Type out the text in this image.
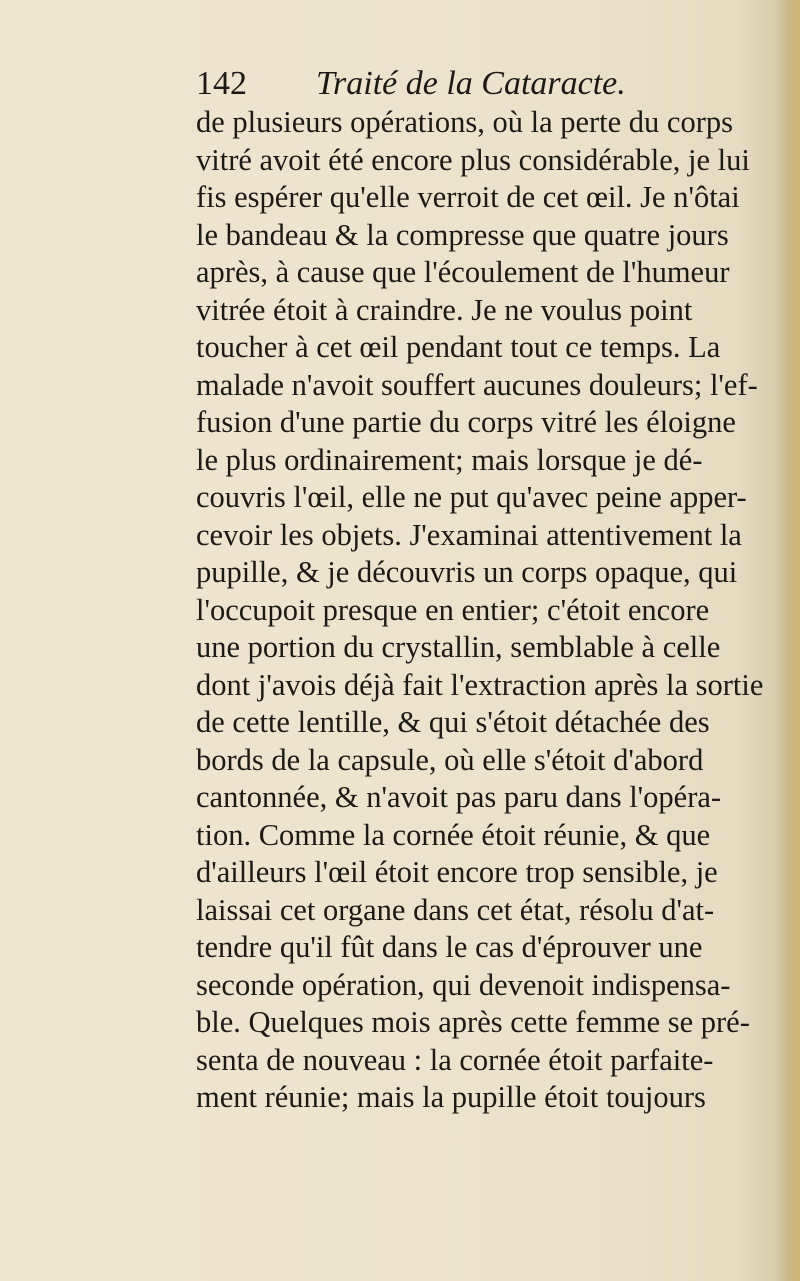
142 Traité de la Cataracte.
de plusieurs opérations, où la perte du corps
vitré avoit été encore plus considérable, je lui
fis espérer qu'elle verroit de cet œil. Je n'ôtai
le bandeau & la compresse que quatre jours
après, à cause que l'écoulement de l'humeur
vitrée étoit à craindre. Je ne voulus point
toucher à cet œil pendant tout ce temps. La
malade n'avoit souffert aucunes douleurs; l'ef-
fusion d'une partie du corps vitré les éloigne
le plus ordinairement; mais lorsque je dé-
couvris l'œil, elle ne put qu'avec peine apper-
cevoir les objets. J'examinai attentivement la
pupille, & je découvris un corps opaque, qui
l'occupoit presque en entier; c'étoit encore
une portion du crystallin, semblable à celle
dont j'avois déjà fait l'extraction après la sortie
de cette lentille, & qui s'étoit détachée des
bords de la capsule, où elle s'étoit d'abord
cantonnée, & n'avoit pas paru dans l'opéra-
tion. Comme la cornée étoit réunie, & que
d'ailleurs l'œil étoit encore trop sensible, je
laissai cet organe dans cet état, résolu d'at-
tendre qu'il fût dans le cas d'éprouver une
seconde opération, qui devenoit indispensa-
ble. Quelques mois après cette femme se pré-
senta de nouveau : la cornée étoit parfaite-
ment réunie; mais la pupille étoit toujours
